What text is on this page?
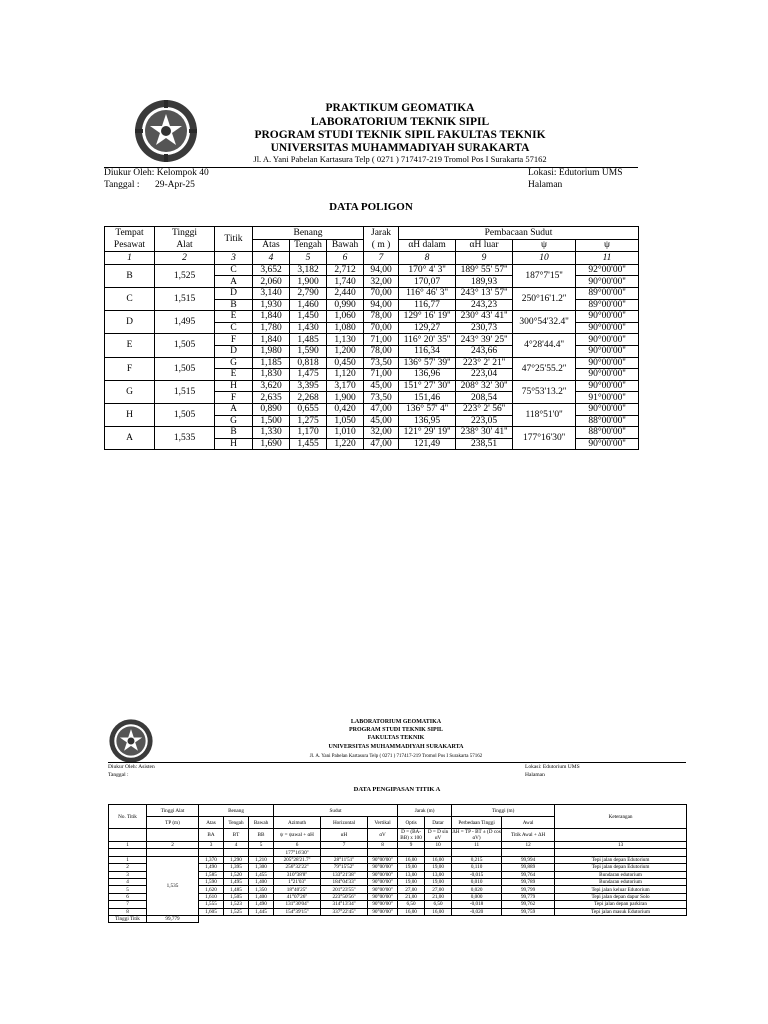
PRAKTIKUM GEOMATIKA
LABORATORIUM TEKNIK SIPIL
PROGRAM STUDI TEKNIK SIPIL FAKULTAS TEKNIK
UNIVERSITAS MUHAMMADIYAH SURAKARTA
Jl. A. Yani Pabelan Kartasura Telp ( 0271 ) 717417-219 Tromol Pos I Surakarta 57162
Diukur Oleh: Kelompok 40
Tanggal : 29-Apr-25
Lokasi: Edutorium UMS
Halaman
DATA POLIGON
Tempat	Tinggi	Titik	Benang			Jarak	Pembacaan Sudut			
Pesawat	Alat		Atas	Tengah	Bawah	( m )	αH dalam	αH luar	ψ	ψ
1	2	3	4	5	6	7	8	9	10	11
B	1,525	C	3,652	3,182	2,712	94,00	170° 4' 3''	189° 55' 57''	187°7'15''	92°00'00''
		A	2,060	1,900	1,740	32,00	170,07	189,93		90°00'00''
C	1,515	D	3,140	2,790	2,440	70,00	116° 46' 3''	243° 13' 57''	250°16'1.2''	89°00'00''
		B	1,930	1,460	0,990	94,00	116,77	243,23		89°00'00''
D	1,495	E	1,840	1,450	1,060	78,00	129° 16' 19''	230° 43' 41''	300°54'32.4''	90°00'00''
		C	1,780	1,430	1,080	70,00	129,27	230,73		90°00'00''
E	1,505	F	1,840	1,485	1,130	71,00	116° 20' 35''	243° 39' 25''	4°28'44.4''	90°00'00''
		D	1,980	1,590	1,200	78,00	116,34	243,66		90°00'00''
F	1,505	G	1,185	0,818	0,450	73,50	136° 57' 39''	223° 2' 21''	47°25'55.2''	90°00'00''
		E	1,830	1,475	1,120	71,00	136,96	223,04		90°00'00''
G	1,515	H	3,620	3,395	3,170	45,00	151° 27' 30''	208° 32' 30''	75°53'13.2''	90°00'00''
		F	2,635	2,268	1,900	73,50	151,46	208,54		91°00'00''
H	1,505	A	0,890	0,655	0,420	47,00	136° 57' 4''	223° 2' 56''	118°51'0''	90°00'00''
		G	1,500	1,275	1,050	45,00	136,95	223,05		88°00'00''
A	1,535	B	1,330	1,170	1,010	32,00	121° 29' 19''	238° 30' 41''	177°16'30''	88°00'00''
		H	1,690	1,455	1,220	47,00	121,49	238,51		90°00'00''
LABORATORIUM GEOMATIKA
PROGRAM STUDI TEKNIK SIPIL
FAKULTAS TEKNIK
UNIVERSITAS MUHAMMADIYAH SURAKARTA
Jl. A. Yani Pabelan Kartasura Telp ( 0271 ) 717417-219 Tromol Pos I Surakarta 57162
Diukur Oleh: Asisten
Tanggal :
Lokasi: Edutorium UMS
Halaman
DATA PENGIPASAN TITIK A
No. Titik	Tinggi Alat	Benang			Sudut			Jarak (m)		Tinggi (m)		Keterangan
	TP (m)	Atas	Tengah	Bawah	Azimuth	Horizontal	Vertikal	Optis	Datar	Perbedaan Tinggi	Awal	
		BA	BT	BB	ψ = ψawal + αH	αH	αV	D = (BA-BB) x 100	D = D sin αV	ΔH = TP - BT ± (D cos αV)	Titik Awal + ΔH	
1	2	3	4	5	6	7	8	9	10	11	12	13
					177°16'30''							
1	1,535	1,370	1,290	1,210	205°28'21.7''	28°11'51''	90°00'00''	16,00	16,00	0,215	99,994	Tepi jalan depan Edutorium
2		1,490	1,395	1,300	256°32'22''	79°15'52''	90°00'00''	19,00	19,00	0,110	99,889	Tepi jalan depan Edutorium
3		1,585	1,520	1,455	310°38'8''	133°21'38''	90°00'00''	13,00	13,00	-0,015	99,764	Bundaran edutorium
4		1,590	1,495	1,400	1°21'03''	184°04'33''	90°00'00''	19,00	19,00	0,010	99,789	Bundaran edutorium
5		1,620	1,485	1,350	18°40'25''	201°23'55''	90°00'00''	27,00	27,00	0,020	99,799	Tepi jalan keluar Edutorium
6		1,610	1,505	1,400	41°07'26''	223°50'56''	90°00'00''	21,00	21,00	0,000	99,779	Tepi jalan depan dapur Solo
7		1,555	1,523	1,490	131°30'04''	314°13'34''	90°00'00''	6,50	6,50	-0,018	99,762	Tepi jalan depan parkiran
8		1,605	1,525	1,445	154°39'15''	337°22'45''	90°00'00''	16,00	16,00	-0,020	99,759	Tepi jalan masuk Edutorium
Tinggi Titik	99,779											
